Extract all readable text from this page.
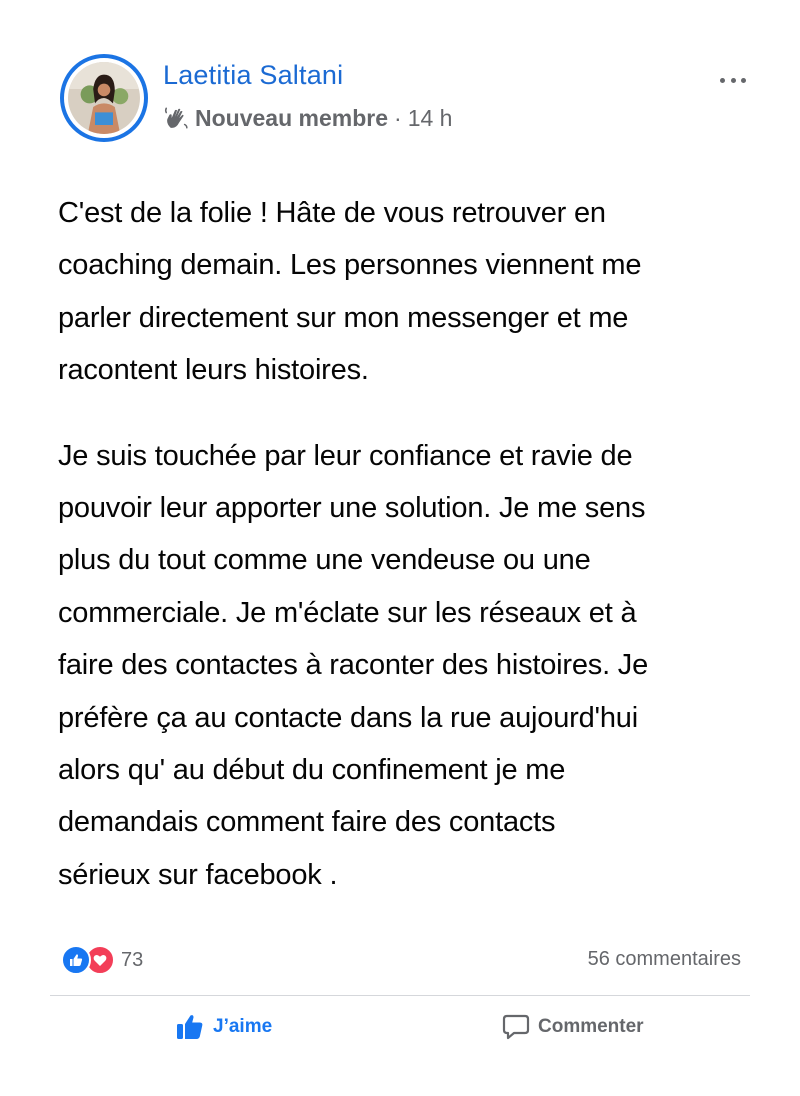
Laetitia Saltani
Nouveau membre · 14 h

C'est de la folie ! Hâte de vous retrouver en
coaching demain. Les personnes viennent me
parler directement sur mon messenger et me
racontent leurs histoires.

Je suis touchée par leur confiance et ravie de
pouvoir leur apporter une solution. Je me sens
plus du tout comme une vendeuse ou une
commerciale. Je m'éclate sur les réseaux et à
faire des contactes à raconter des histoires. Je
préfère ça au contacte dans la rue aujourd'hui
alors qu' au début du confinement je me
demandais comment faire des contacts
sérieux sur facebook .

73	56 commentaires
J’aime	Commenter
